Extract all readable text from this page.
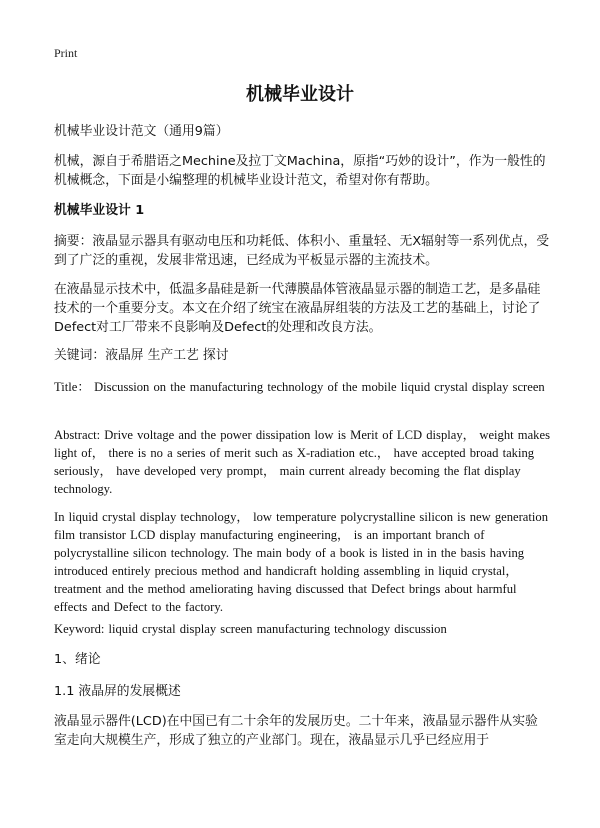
Print
机械毕业设计

机械毕业设计范文（通用9篇）

机械，源自于希腊语之Mechine及拉丁文Machina，原指“巧妙的设计”，作为一般性的机械概念，下面是小编整理的机械毕业设计范文，希望对你有帮助。

机械毕业设计 1

摘要：液晶显示器具有驱动电压和功耗低、体积小、重量轻、无X辐射等一系列优点，受到了广泛的重视，发展非常迅速，已经成为平板显示器的主流技术。

在液晶显示技术中，低温多晶硅是新一代薄膜晶体管液晶显示器的制造工艺，是多晶硅技术的一个重要分支。本文在介绍了统宝在液晶屏组装的方法及工艺的基础上，讨论了Defect对工厂带来不良影响及Defect的处理和改良方法。

关键词：液晶屏 生产工艺 探讨

Title： Discussion on the manufacturing technology of the mobile liquid crystal display screen

Abstract: Drive voltage and the power dissipation low is Merit of LCD display， weight makes light of， there is no a series of merit such as X-radiation etc.， have accepted broad taking seriously， have developed very prompt， main current already becoming the flat display technology.

In liquid crystal display technology， low temperature polycrystalline silicon is new generation film transistor LCD display manufacturing engineering， is an important branch of polycrystalline silicon technology. The main body of a book is listed in in the basis having introduced entirely precious method and handicraft holding assembling in liquid crystal， treatment and the method ameliorating having discussed that Defect brings about harmful effects and Defect to the factory.

Keyword: liquid crystal display screen manufacturing technology discussion

1、绪论

1.1 液晶屏的发展概述

液晶显示器件(LCD)在中国已有二十余年的发展历史。二十年来，液晶显示器件从实验室走向大规模生产，形成了独立的产业部门。现在，液晶显示几乎已经应用于
